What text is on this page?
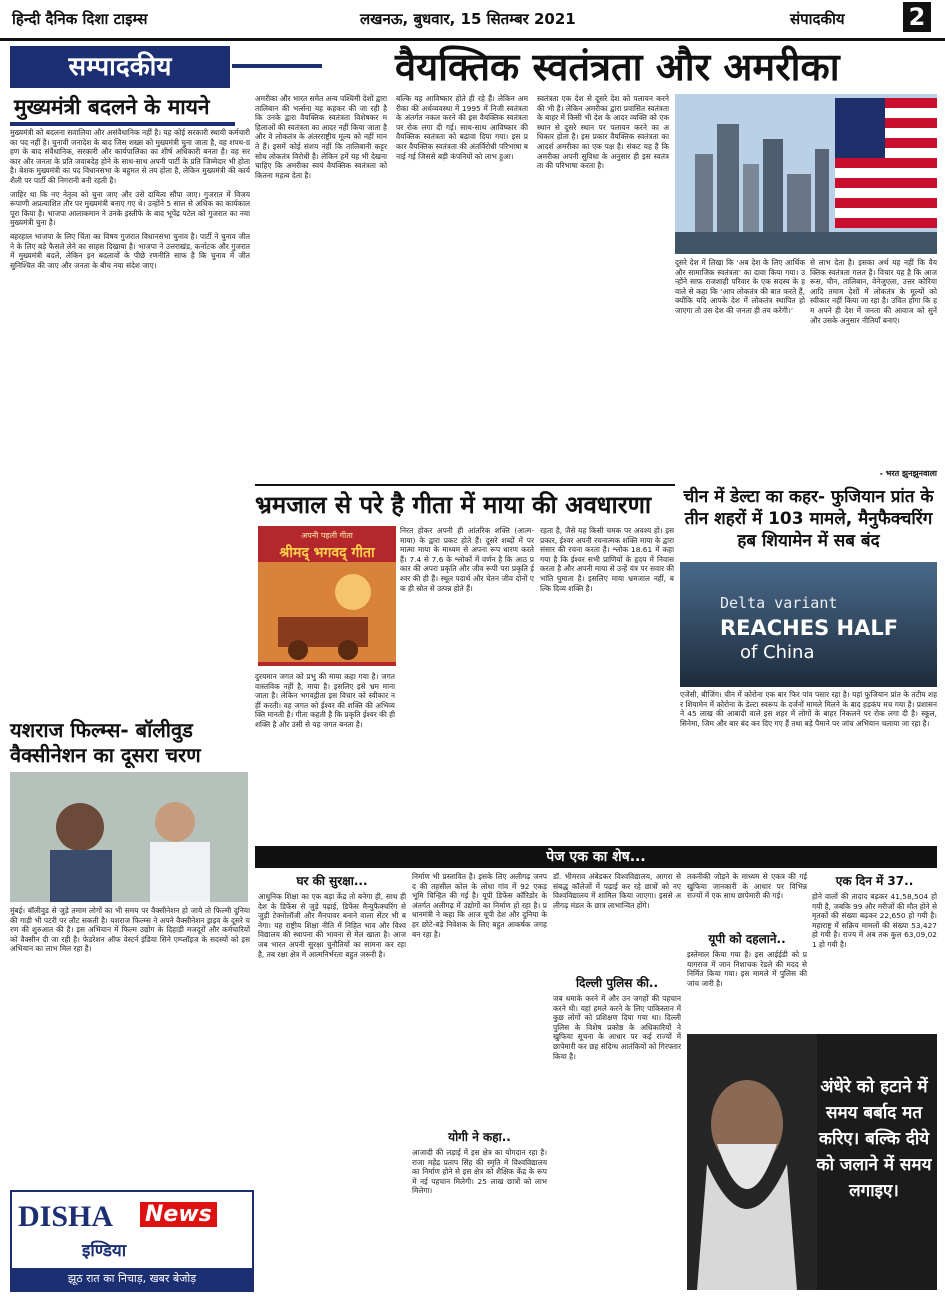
हिन्दी दैनिक दिशा टाइम्स	लखनऊ, बुधवार, 15 सितम्बर 2021	संपादकीय	2
सम्पादकीय	वैयक्तिक स्वतंत्रता और अमरीका
मुख्यमंत्री बदलने के मायने

मुख्यमंत्री को बदलना सवालिया और असंवैधानिक नहीं है। यह कोई सरकारी स्थायी कर्मचारी का पद नहीं है। चुनावी जनादेश के बाद जिस शख्स को मुख्यमंत्री चुना जाता है, वह शपथ-ग्रहण के बाद संवैधानिक, सरकारी और कार्यपालिका का शीर्ष अधिकारी बनता है। वह सरकार और जनता के प्रति जवाबदेह होने के साथ-साथ अपनी पार्टी के प्रति जिम्मेदार भी होता है। बेशक मुख्यमंत्री का पद विधानसभा के बहुमत से तय होता है, लेकिन मुख्यमंत्री की कार्यशैली पर पार्टी की निगरानी बनी रहती है।

जाहिर था कि नए नेतृत्व को चुना जाए और उसे दायित्व सौंपा जाए। गुजरात में विजय रूपाणी अप्रत्याशित तौर पर मुख्यमंत्री बनाए गए थे। उन्होंने 5 साल से अधिक का कार्यकाल पूरा किया है। भाजपा आलाकमान ने उनके इस्तीफे के बाद भूपेंद्र पटेल को गुजरात का नया मुख्यमंत्री चुना है।

बहरहाल भाजपा के लिए चिंता का विषय गुजरात विधानसभा चुनाव है। पार्टी ने चुनाव जीतने के लिए बड़े फैसले लेने का साहस दिखाया है। भाजपा ने उत्तराखंड, कर्नाटक और गुजरात में मुख्यमंत्री बदले, लेकिन इन बदलावों के पीछे रणनीति साफ है कि चुनाव में जीत सुनिश्चित की जाए और जनता के बीच नया संदेश जाए।

अमरीका और भारत समेत अन्य पश्चिमी देशों द्वारा तालिबान की भर्त्सना यह कहकर की जा रही है कि उनके द्वारा वैयक्तिक स्वतंत्रता विशेषकर महिलाओं की स्वतंत्रता का आदर नहीं किया जाता है और वे लोकतंत्र के अंतरराष्ट्रीय मूल्य को नहीं मानते हैं। इसमें कोई संशय नहीं कि तालिबानी कट्टर सोच लोकतंत्र विरोधी है। लेकिन हमें यह भी देखना चाहिए कि अमरीका स्वयं वैयक्तिक स्वतंत्रता को कितना महत्व देता है।

बल्कि यह आविष्कार होते ही रहे हैं। लेकिन अमरीका की अर्थव्यवस्था में 1995 में निजी स्वतंत्रता के अंतर्गत नकल करने की इस वैयक्तिक स्वतंत्रता पर रोक लगा दी गई। साथ-साथ आविष्कार की वैयक्तिक स्वतंत्रता को बढ़ावा दिया गया। इस प्रकार वैयक्तिक स्वतंत्रता की अंतर्विरोधी परिभाषा बनाई गई जिससे बड़ी कंपनियों को लाभ हुआ।

स्वतंत्रता एक देश से दूसरे देश को पलायन करने की भी है। लेकिन अमरीका द्वारा प्रवासित स्वतंत्रता के बाहर में किसी भी देश के आदर व्यक्ति को एक स्थान से दूसरे स्थान पर पलायन करने का अधिकार होता है। इस प्रकार वैयक्तिक स्वतंत्रता का आदर्श अमरीका का एक पक्ष है। संकट यह है कि अमरीका अपनी सुविधा के अनुसार ही इस स्वतंत्रता की परिभाषा करता है।

दूसरे देश में लिखा कि ‘अब देश के लिए आर्थिक और सामाजिक स्वतंत्रता’ का दावा किया गया। उन्होंने साफ़ राजशाही परिवार के एक सदस्य के हवाले से कहा कि ‘आप लोकतंत्र की बात करते हैं, क्योंकि यदि आपके देश में लोकतंत्र स्थापित हो जाएगा तो उस देश की जनता ही तय करेगी।’

से लाभ देता है। इसका अर्थ यह नहीं कि वैयक्तिक स्वतंत्रता गलत है। विचार यह है कि आज रूस, चीन, तालिबान, वेनेजुएला, उत्तर कोरिया आदि तमाम देशों में लोकतंत्र के मूल्यों को स्वीकार नहीं किया जा रहा है। उचित होगा कि हम अपने ही देश में जनता की आवाज को सुनें और उसके अनुसार नीतियाँ बनाएं।

- भरत झुनझुनवाला
भ्रमजाल से परे है गीता में माया की अवधारणा
अपनी पहली गीता
श्रीमद् भगवद् गीता

दुरयमान जगत को प्रभु की माया कहा गया है। जगत वास्तविक नहीं है, माया है। इसलिए इसे भ्रम माना जाता है। लेकिन भगवद्गीता इस विचार को स्वीकार नहीं करती। वह जगत को ईश्वर की शक्ति की अभिव्यक्ति मानती है। गीता कहती है कि प्रकृति ईश्वर की ही शक्ति है और उसी से यह जगत बनता है।

निरत होकर अपनी ही आंतरिक शक्ति (आत्म-माया) के द्वारा प्रकट होते हैं। दूसरे शब्दों में परमात्मा माया के माध्यम से अपना रूप धारण करते हैं। 7.4 से 7.6 के श्लोकों में वर्णन है कि आठ प्रकार की अपरा प्रकृति और जीव रूपी परा प्रकृति ईश्वर की ही हैं। स्थूल पदार्थ और चेतन जीव दोनों एक ही स्रोत से उत्पन्न होते हैं।

रहता है, जैसे यह किसी चमक पर अवश्य हो। इस प्रकार, ईश्वर अपनी रचनात्मक शक्ति माया के द्वारा संसार की रचना करता है। श्लोक 18.61 में कहा गया है कि ईश्वर सभी प्राणियों के हृदय में निवास करता है और अपनी माया से उन्हें यंत्र पर सवार की भांति घुमाता है। इसलिए माया भ्रमजाल नहीं, बल्कि दिव्य शक्ति है।

चीन में डेल्टा का कहर- फुजियान प्रांत के तीन शहरों में 103 मामले, मैनुफैक्चरिंग हब शियामेन में सब बंद
Delta variant
REACHES HALF
of China

एजेंसी, बीजिंग। चीन में कोरोना एक बार फिर पांव पसार रहा है। यहां फुजियान प्रांत के तटीय शहर शियामेन में कोरोना के डेल्टा स्वरूप के दर्जनों मामले मिलने के बाद हड़कंप मच गया है। प्रशासन ने 45 लाख की आबादी वाले इस शहर में लोगों के बाहर निकलने पर रोक लगा दी है। स्कूल, सिनेमा, जिम और बार बंद कर दिए गए हैं तथा बड़े पैमाने पर जांच अभियान चलाया जा रहा है।

यशराज फिल्म्स- बॉलीवुड
वैक्सीनेशन का दूसरा चरण

मुंबई। बॉलीवुड से जुड़े तमाम लोगों का भी समय पर वैक्सीनेशन हो जाये तो फिल्मी दुनिया की गाड़ी भी पटरी पर लौट सकती है। यशराज फिल्म्स ने अपने वैक्सीनेशन ड्राइव के दूसरे चरण की शुरुआत की है। इस अभियान में फिल्म उद्योग के दिहाड़ी मजदूरों और कर्मचारियों को वैक्सीन दी जा रही है। फेडरेशन ऑफ वेस्टर्न इंडिया सिने एम्प्लॉइज के सदस्यों को इस अभियान का लाभ मिल रहा है।

DISHA News
इण्डिया
झूठ रात का निचाड़, खबर बेजोड़
पेज एक का शेष...
घर की सुरक्षा...

आधुनिक शिक्षा का एक बड़ा केंद्र तो बनेगा ही, साथ ही देश के डिफेंस से जुड़े पढ़ाई, डिफेंस मैन्युफैक्चरिंग से जुड़ी टेक्नोलॉजी और मैनपावर बनाने वाला सेंटर भी बनेगा। यह राष्ट्रीय शिक्षा नीति में निहित भाव और विश्वविद्यालय की स्थापना की भावना से मेल खाता है। आज जब भारत अपनी सुरक्षा चुनौतियों का सामना कर रहा है, तब रक्षा क्षेत्र में आत्मनिर्भरता बहुत जरूरी है।

निर्माण भी प्रस्तावित है। इसके लिए अलीगढ़ जनपद की तहसील कोल के लोधा गांव में 92 एकड़ भूमि चिन्हित की गई है। यूपी डिफेंस कॉरिडोर के अंतर्गत अलीगढ़ में उद्योगों का निर्माण हो रहा है। प्रधानमंत्री ने कहा कि आज यूपी देश और दुनिया के हर छोटे-बड़े निवेशक के लिए बहुत आकर्षक जगह बन रहा है।

योगी ने कहा..

आजादी की लड़ाई में इस क्षेत्र का योगदान रहा है। राजा महेंद्र प्रताप सिंह की स्मृति में विश्वविद्यालय का निर्माण होने से इस क्षेत्र को शैक्षिक केंद्र के रूप में नई पहचान मिलेगी। 25 लाख छात्रों को लाभ मिलेगा।

डॉ. भीमराव अंबेडकर विश्वविद्यालय, आगरा से संबद्ध कॉलेजों में पढ़ाई कर रहे छात्रों को नए विश्वविद्यालय में शामिल किया जाएगा। इससे अलीगढ़ मंडल के छात्र लाभान्वित होंगे।

दिल्ली पुलिस की..

जब धमाके करने में और उन जगहों की पहचान करने थी। यहां हमले करने के लिए पाकिस्तान में कुछ लोगों को प्रशिक्षण दिया गया था। दिल्ली पुलिस के विशेष प्रकोष्ठ के अधिकारियों ने खुफिया सूचना के आधार पर कई राज्यों में छापेमारी कर छह संदिग्ध आतंकियों को गिरफ्तार किया है।

तकनीकी जोड़ने के माध्यम से एकत्र की गई खुफिया जानकारी के आधार पर विभिन्न राज्यों में एक साथ छापेमारी की गई।

यूपी को दहलाने..

इस्तेमाल किया गया है। इस आईईडी को प्रयागराज में जान निशाचक रेडले की मदद से निर्मित किया गया। इस मामले में पुलिस की जांच जारी है।

एक दिन में 37..

होने वालों की तादाद बढ़कर 41,58,504 हो गयी है, जबकि 99 और मरीजों की मौत होने से मृतकों की संख्या बढ़कर 22,650 हो गयी है। महाराष्ट्र में सक्रिय मामलों की संख्या 53,427 हो गयी है। राज्य में अब तक कुल 63,09,021 हो गयी है।

अंधेरे को हटाने में समय बर्बाद मत करिए। बल्कि दीये को जलाने में समय लगाइए।
